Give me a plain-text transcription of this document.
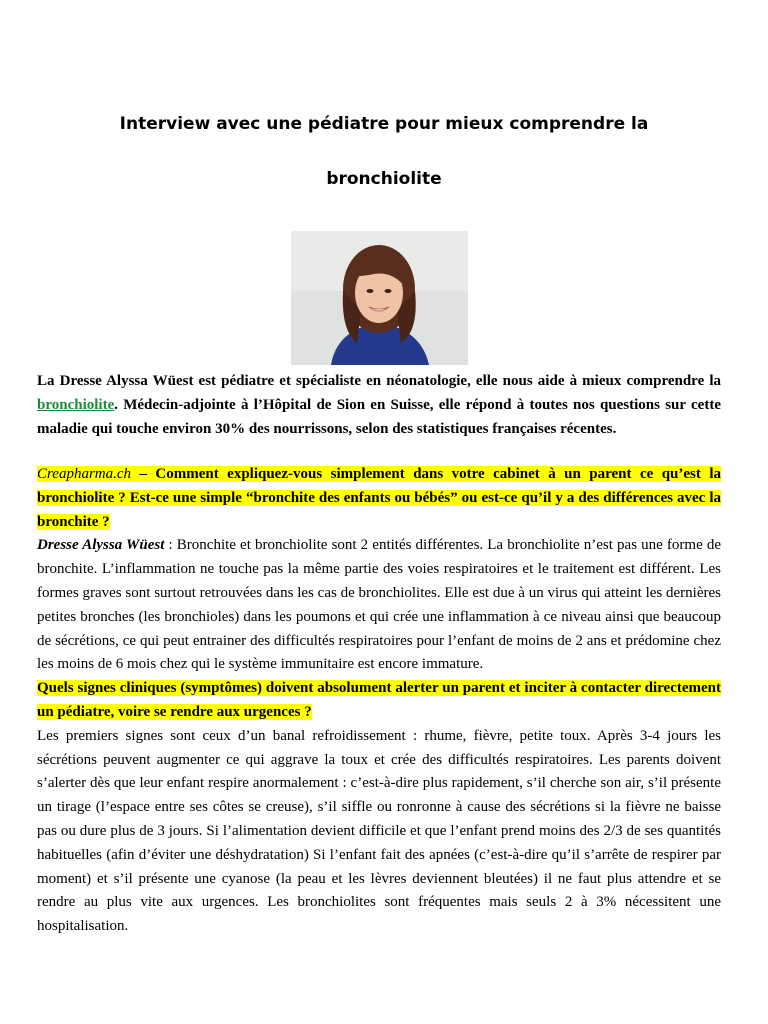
Interview avec une pédiatre pour mieux comprendre la
bronchiolite

La Dresse Alyssa Wüest est pédiatre et spécialiste en néonatologie, elle nous aide à mieux comprendre la bronchiolite. Médecin-adjointe à l’Hôpital de Sion en Suisse, elle répond à toutes nos questions sur cette maladie qui touche environ 30% des nourrissons, selon des statistiques françaises récentes.

Creapharma.ch – Comment expliquez-vous simplement dans votre cabinet à un parent ce qu’est la bronchiolite ? Est-ce une simple “bronchite des enfants ou bébés” ou est-ce qu’il y a des différences avec la bronchite ?

Dresse Alyssa Wüest : Bronchite et bronchiolite sont 2 entités différentes. La bronchiolite n’est pas une forme de bronchite. L’inflammation ne touche pas la même partie des voies respiratoires et le traitement est différent. Les formes graves sont surtout retrouvées dans les cas de bronchiolites. Elle est due à un virus qui atteint les dernières petites bronches (les bronchioles) dans les poumons et qui crée une inflammation à ce niveau ainsi que beaucoup de sécrétions, ce qui peut entrainer des difficultés respiratoires pour l’enfant de moins de 2 ans et prédomine chez les moins de 6 mois chez qui le système immunitaire est encore immature.

Quels signes cliniques (symptômes) doivent absolument alerter un parent et inciter à contacter directement un pédiatre, voire se rendre aux urgences ?

Les premiers signes sont ceux d’un banal refroidissement : rhume, fièvre, petite toux. Après 3-4 jours les sécrétions peuvent augmenter ce qui aggrave la toux et crée des difficultés respiratoires. Les parents doivent s’alerter dès que leur enfant respire anormalement : c’est-à-dire plus rapidement, s’il cherche son air, s’il présente un tirage (l’espace entre ses côtes se creuse), s’il siffle ou ronronne à cause des sécrétions si la fièvre ne baisse pas ou dure plus de 3 jours. Si l’alimentation devient difficile et que l’enfant prend moins des 2/3 de ses quantités habituelles (afin d’éviter une déshydratation) Si l’enfant fait des apnées (c’est-à-dire qu’il s’arrête de respirer par moment) et s’il présente une cyanose (la peau et les lèvres deviennent bleutées) il ne faut plus attendre et se rendre au plus vite aux urgences. Les bronchiolites sont fréquentes mais seuls 2 à 3% nécessitent une hospitalisation.
